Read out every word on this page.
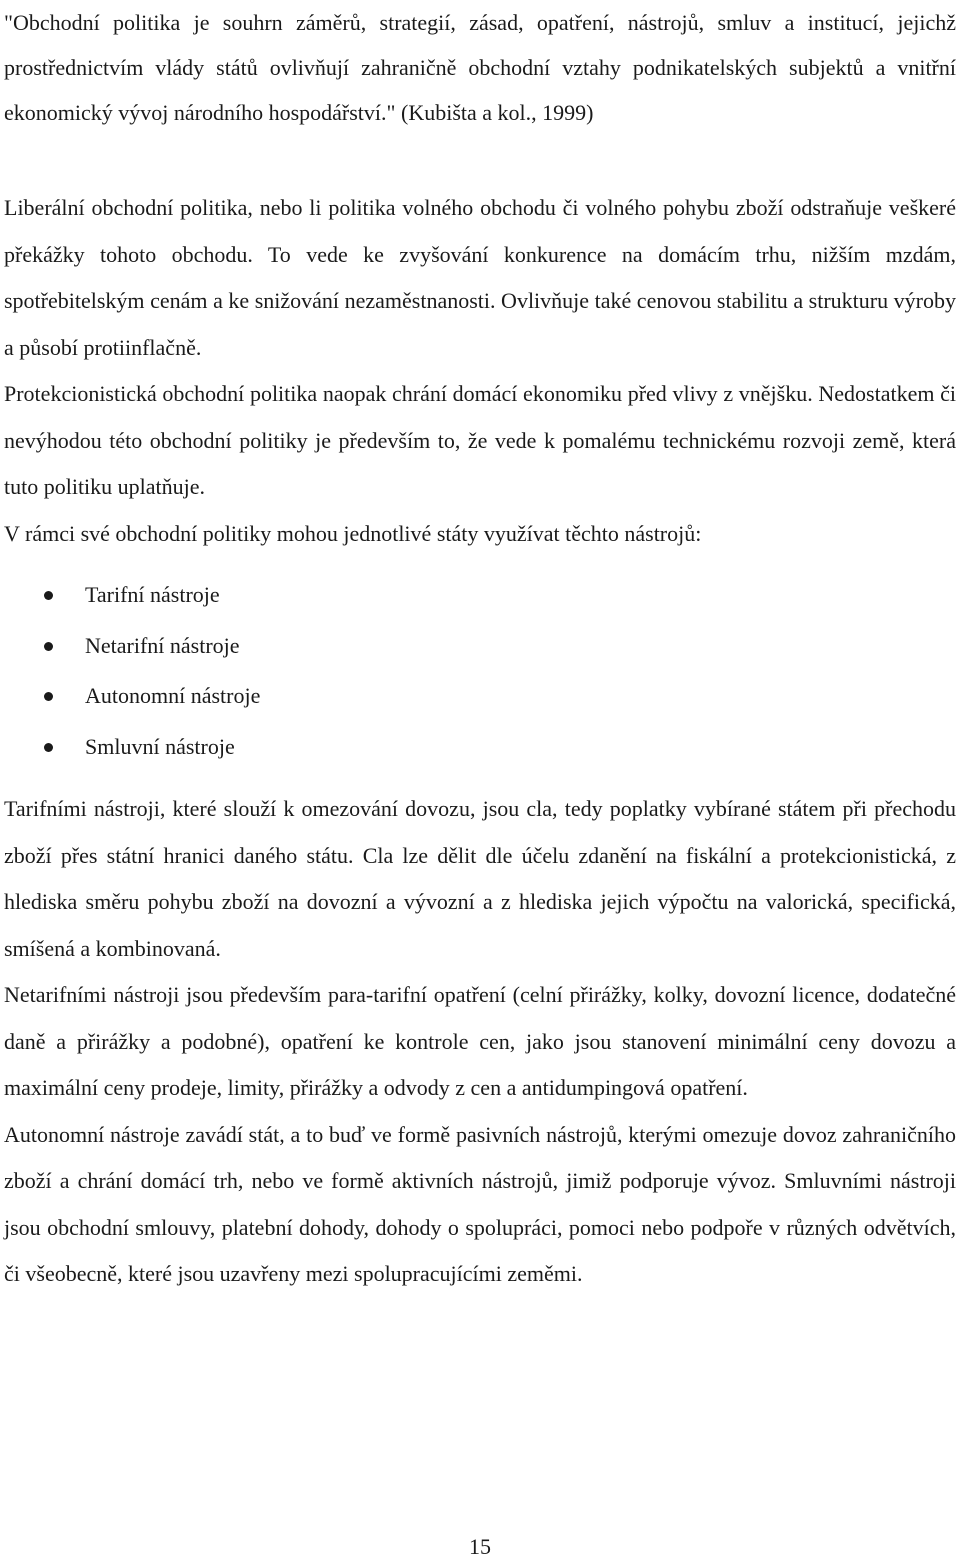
"Obchodní politika je souhrn záměrů, strategií, zásad, opatření, nástrojů, smluv a institucí, jejichž prostřednictvím vlády států ovlivňují zahraničně obchodní vztahy podnikatelských subjektů a vnitřní ekonomický vývoj národního hospodářství." (Kubišta a kol., 1999)

Liberální obchodní politika, nebo li politika volného obchodu či volného pohybu zboží odstraňuje veškeré překážky tohoto obchodu. To vede ke zvyšování konkurence na domácím trhu, nižším mzdám, spotřebitelským cenám a ke snižování nezaměstnanosti. Ovlivňuje také cenovou stabilitu a strukturu výroby a působí protiinflačně.

Protekcionistická obchodní politika naopak chrání domácí ekonomiku před vlivy z vnějšku. Nedostatkem či nevýhodou této obchodní politiky je především to, že vede k pomalému technickému rozvoji země, která tuto politiku uplatňuje.

V rámci své obchodní politiky mohou jednotlivé státy využívat těchto nástrojů:

Tarifní nástroje
Netarifní nástroje
Autonomní nástroje
Smluvní nástroje

Tarifními nástroji, které slouží k omezování dovozu, jsou cla, tedy poplatky vybírané státem při přechodu zboží přes státní hranici daného státu. Cla lze dělit dle účelu zdanění na fiskální a protekcionistická, z hlediska směru pohybu zboží na dovozní a vývozní a z hlediska jejich výpočtu na valorická, specifická, smíšená a kombinovaná.

Netarifními nástroji jsou především para-tarifní opatření (celní přirážky, kolky, dovozní licence, dodatečné daně a přirážky a podobné), opatření ke kontrole cen, jako jsou stanovení minimální ceny dovozu a maximální ceny prodeje, limity, přirážky a odvody z cen a antidumpingová opatření.

Autonomní nástroje zavádí stát, a to buď ve formě pasivních nástrojů, kterými omezuje dovoz zahraničního zboží a chrání domácí trh, nebo ve formě aktivních nástrojů, jimiž podporuje vývoz. Smluvními nástroji jsou obchodní smlouvy, platební dohody, dohody o spolupráci, pomoci nebo podpoře v různých odvětvích, či všeobecně, které jsou uzavřeny mezi spolupracujícími zeměmi.

15
